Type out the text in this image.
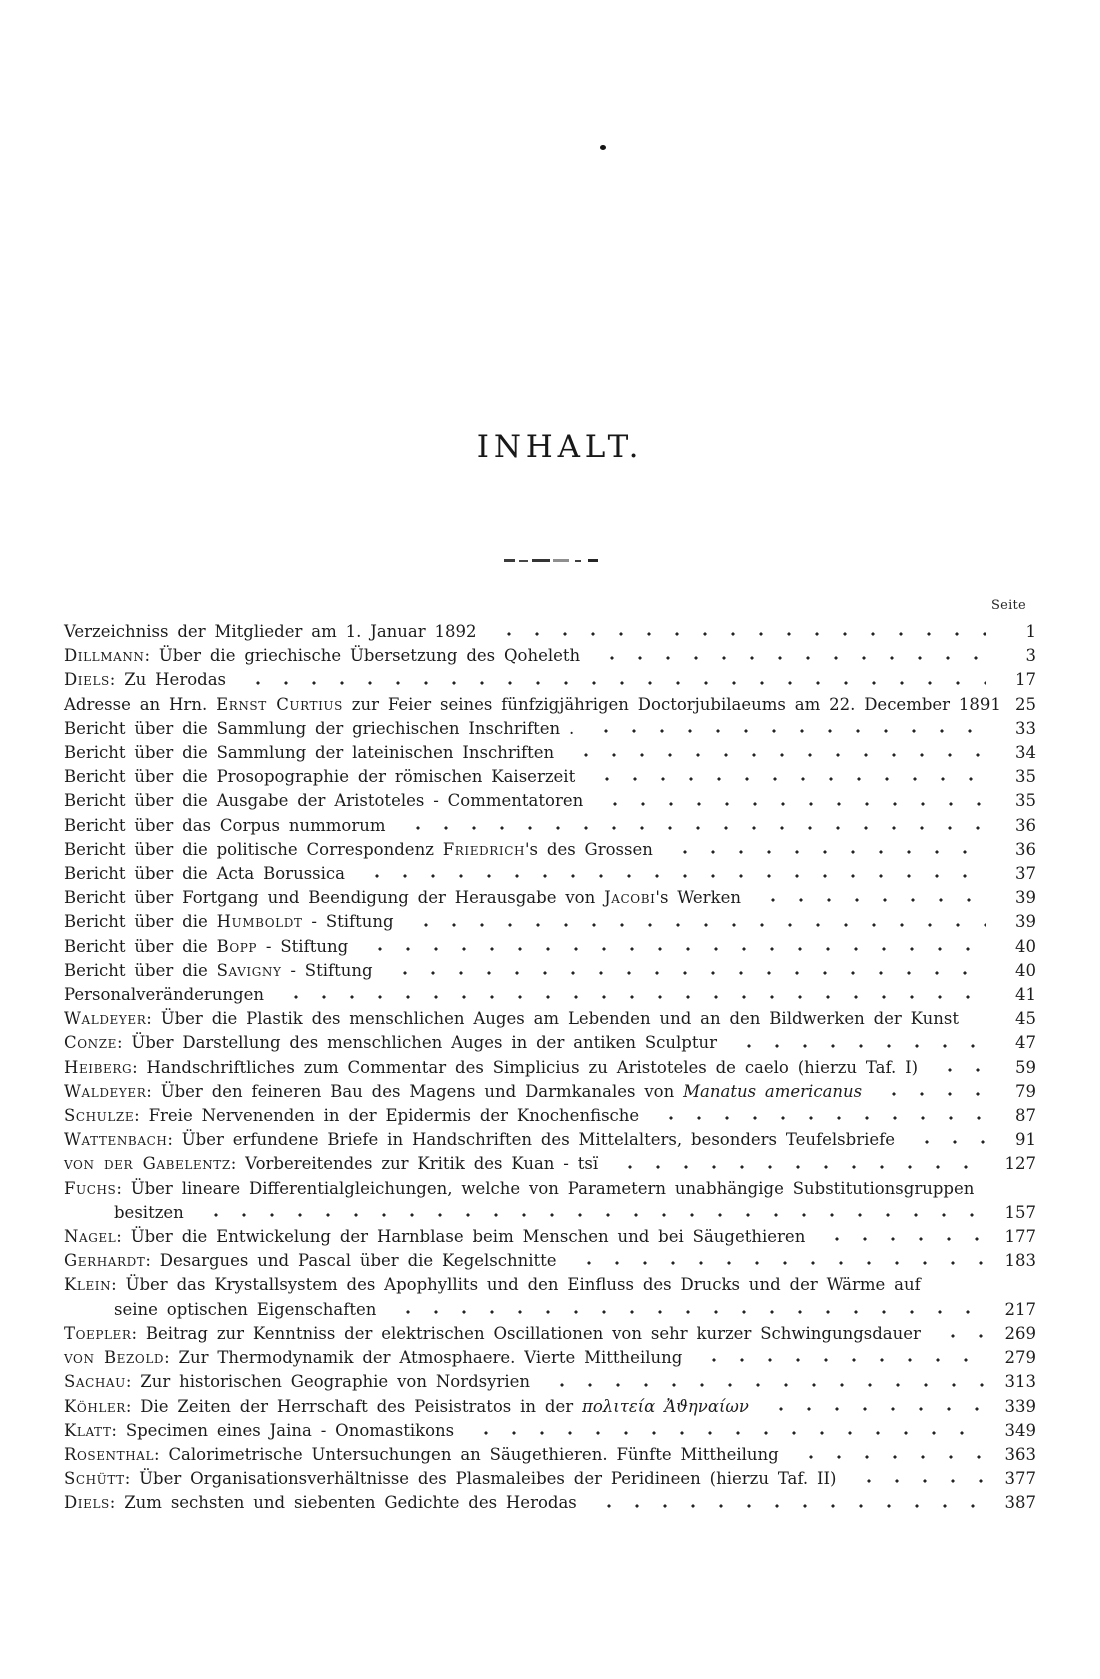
INHALT.
Seite
Verzeichniss der Mitglieder am 1. Januar 1892	1
Dillmann: Über die griechische Übersetzung des Qoheleth	3
Diels: Zu Herodas	17
Adresse an Hrn. Ernst Curtius zur Feier seines fünfzigjährigen Doctorjubilaeums am 22. December 1891 25
Bericht über die Sammlung der griechischen Inschriften .	33
Bericht über die Sammlung der lateinischen Inschriften	34
Bericht über die Prosopographie der römischen Kaiserzeit	35
Bericht über die Ausgabe der Aristoteles - Commentatoren	35
Bericht über das Corpus nummorum	36
Bericht über die politische Correspondenz Friedrich's des Grossen	36
Bericht über die Acta Borussica	37
Bericht über Fortgang und Beendigung der Herausgabe von Jacobi's Werken	39
Bericht über die Humboldt - Stiftung	39
Bericht über die Bopp - Stiftung	40
Bericht über die Savigny - Stiftung	40
Personalveränderungen	41
Waldeyer: Über die Plastik des menschlichen Auges am Lebenden und an den Bildwerken der Kunst	45
Conze: Über Darstellung des menschlichen Auges in der antiken Sculptur	47
Heiberg: Handschriftliches zum Commentar des Simplicius zu Aristoteles de caelo (hierzu Taf. I)	59
Waldeyer: Über den feineren Bau des Magens und Darmkanales von Manatus americanus	79
Schulze: Freie Nervenenden in der Epidermis der Knochenfische	87
Wattenbach: Über erfundene Briefe in Handschriften des Mittelalters, besonders Teufelsbriefe	91
von der Gabelentz: Vorbereitendes zur Kritik des Kuan - tsï	127
Fuchs: Über lineare Differentialgleichungen, welche von Parametern unabhängige Substitutionsgruppen
besitzen	157
Nagel: Über die Entwickelung der Harnblase beim Menschen und bei Säugethieren	177
Gerhardt: Desargues und Pascal über die Kegelschnitte	183
Klein: Über das Krystallsystem des Apophyllits und den Einfluss des Drucks und der Wärme auf
seine optischen Eigenschaften	217
Toepler: Beitrag zur Kenntniss der elektrischen Oscillationen von sehr kurzer Schwingungsdauer	269
von Bezold: Zur Thermodynamik der Atmosphaere. Vierte Mittheilung	279
Sachau: Zur historischen Geographie von Nordsyrien	313
Köhler: Die Zeiten der Herrschaft des Peisistratos in der πολιτεία Ἀϑηναίων	339
Klatt: Specimen eines Jaina - Onomastikons	349
Rosenthal: Calorimetrische Untersuchungen an Säugethieren. Fünfte Mittheilung	363
Schütt: Über Organisationsverhältnisse des Plasmaleibes der Peridineen (hierzu Taf. II)	377
Diels: Zum sechsten und siebenten Gedichte des Herodas	387
